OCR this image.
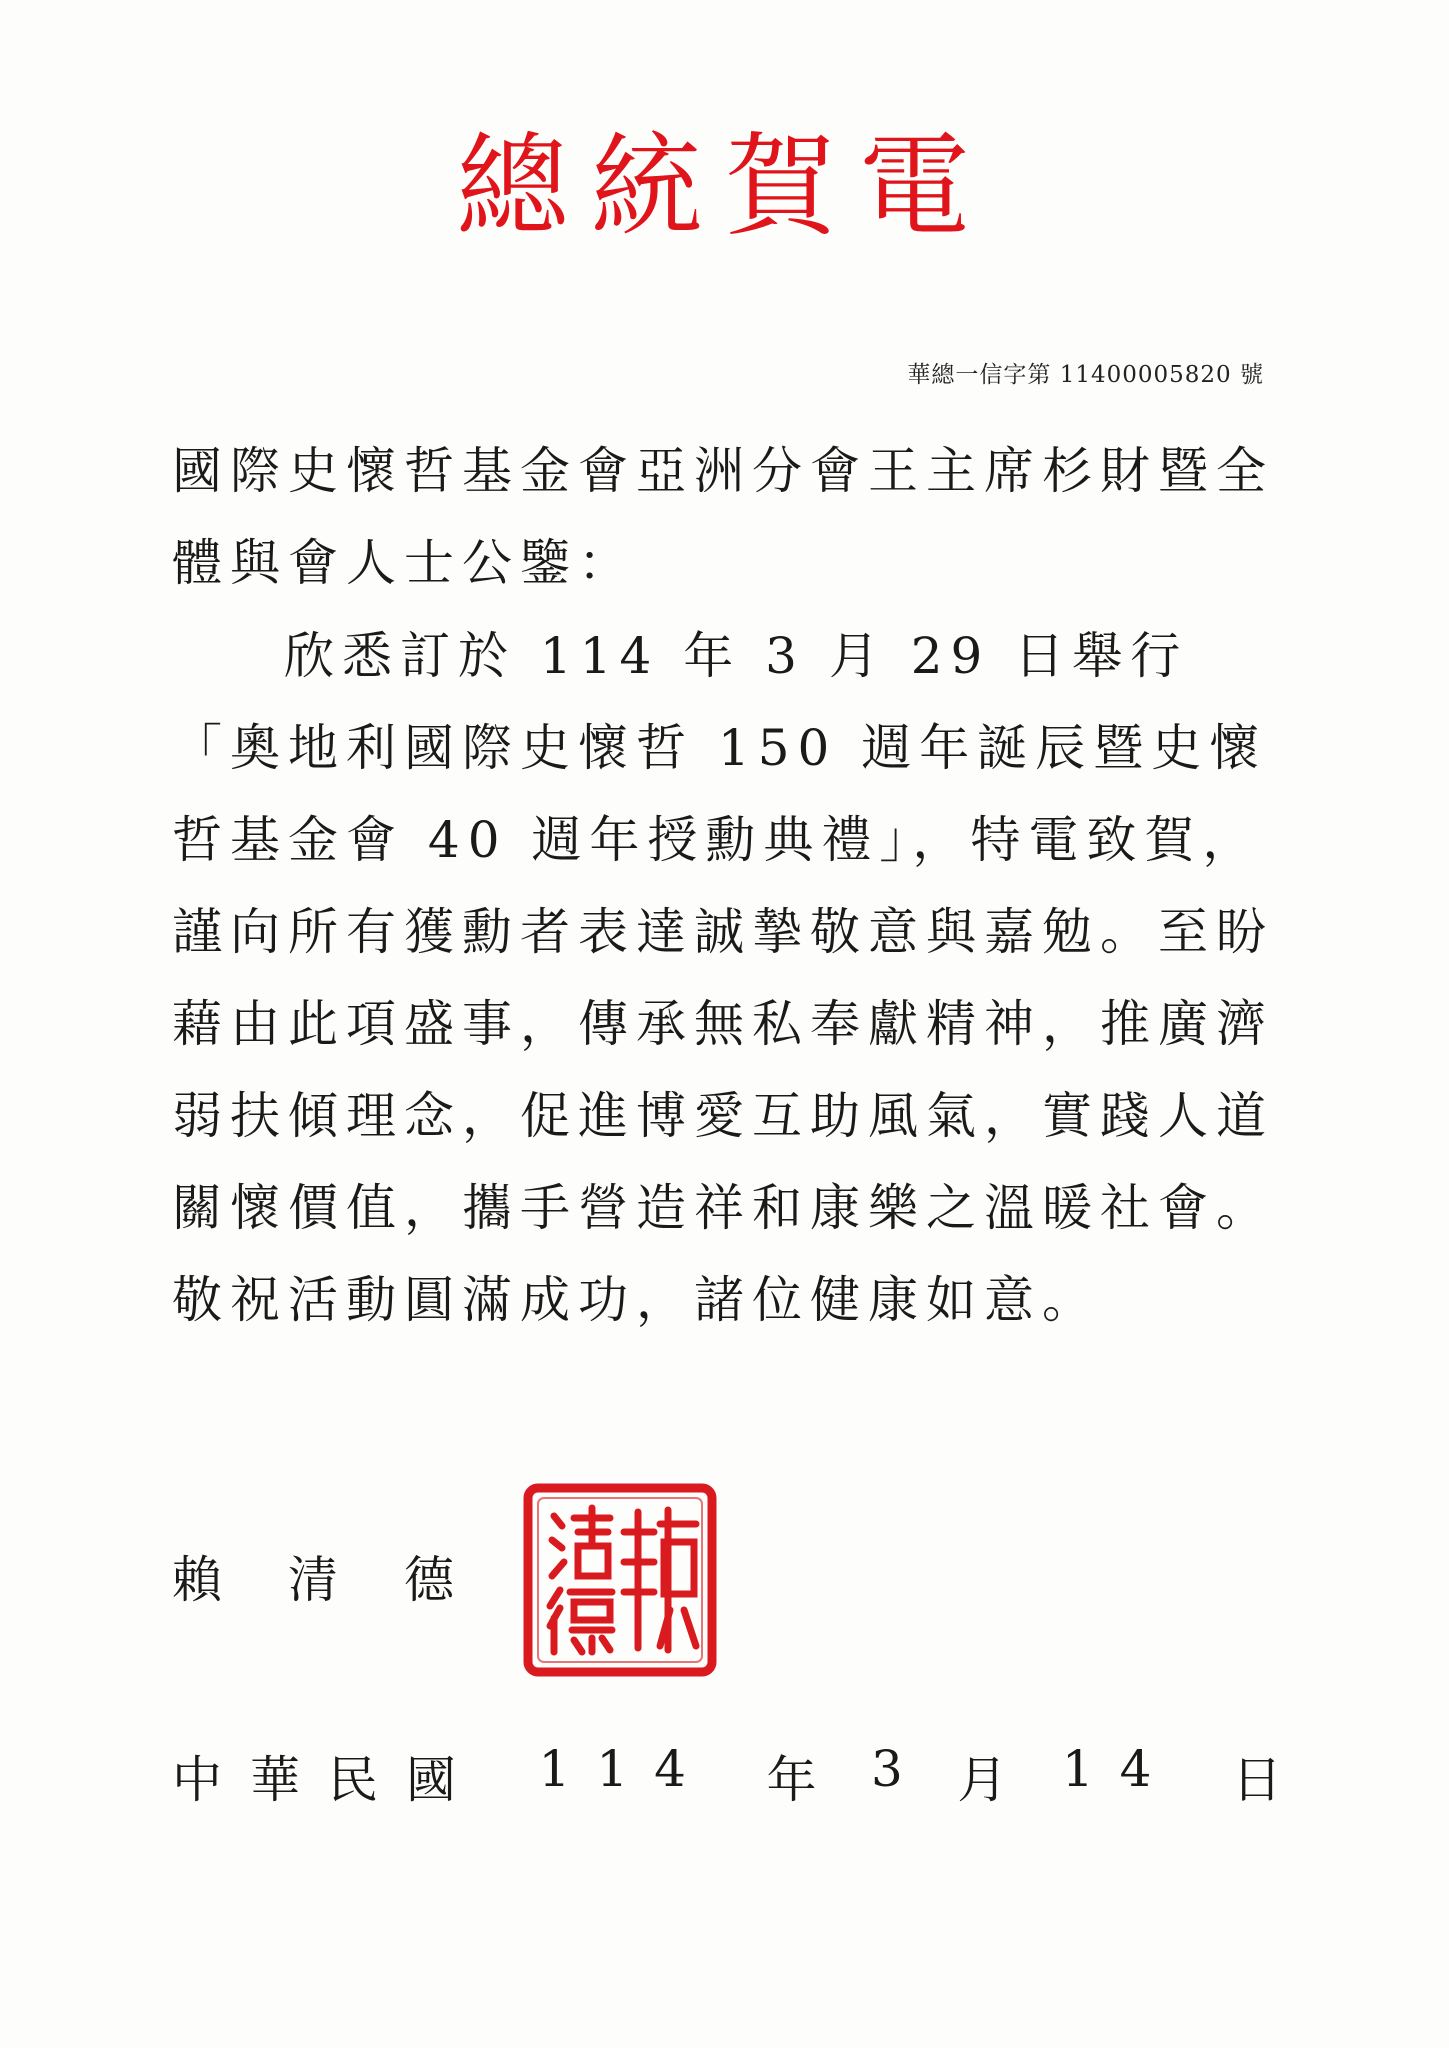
總統賀電
華總一信字第 11400005820 號
國際史懷哲基金會亞洲分會王主席杉財暨全體與會人士公鑒：
欣悉訂於 114 年 3 月 29 日舉行「奧地利國際史懷哲 150 週年誕辰暨史懷哲基金會 40 週年授勳典禮」，特電致賀，謹向所有獲勳者表達誠摯敬意與嘉勉。至盼藉由此項盛事，傳承無私奉獻精神，推廣濟弱扶傾理念，促進博愛互助風氣，實踐人道關懷價值，攜手營造祥和康樂之溫暖社會。敬祝活動圓滿成功，諸位健康如意。
賴清德
中華民國 114 年 3 月 14 日
